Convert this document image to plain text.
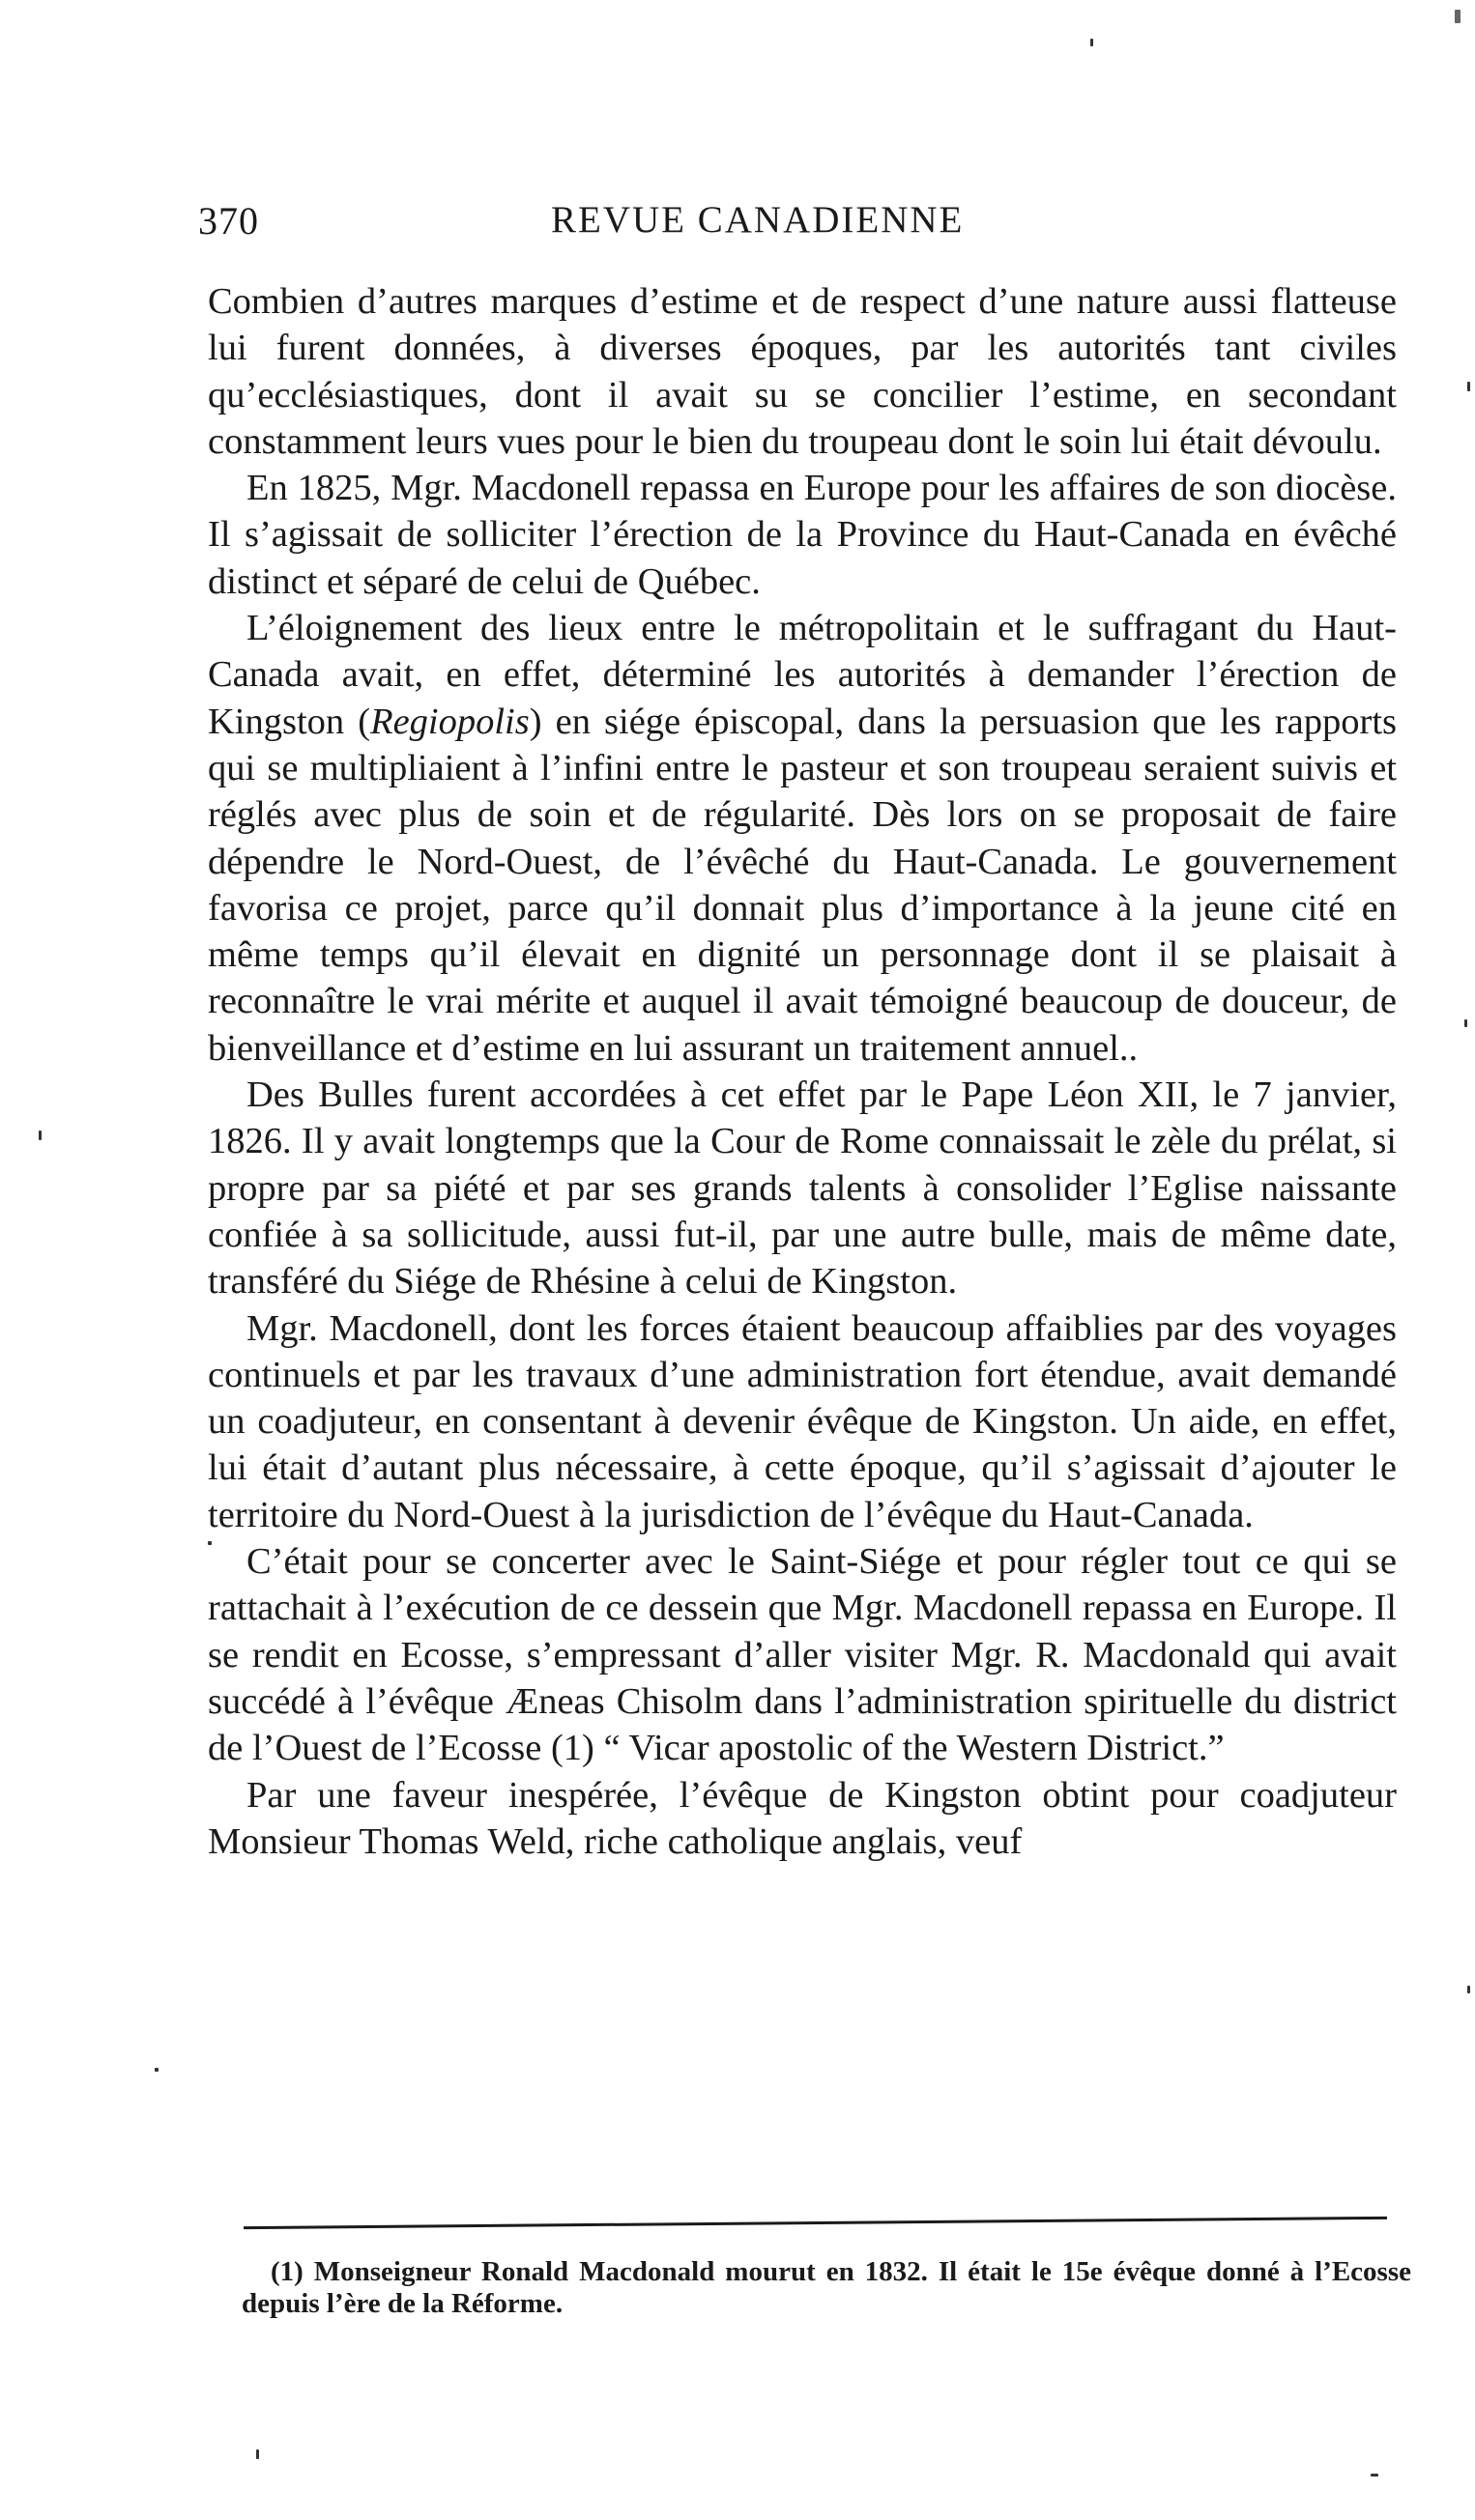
370	REVUE CANADIENNE

Combien d’autres marques d’estime et de respect d’une nature aussi flatteuse lui furent données, à diverses époques, par les autorités tant civiles qu’ecclésiastiques, dont il avait su se concilier l’estime, en secondant constamment leurs vues pour le bien du troupeau dont le soin lui était dévoulu.

En 1825, Mgr. Macdonell repassa en Europe pour les affaires de son diocèse. Il s’agissait de solliciter l’érection de la Province du Haut-Canada en évêché distinct et séparé de celui de Québec.

L’éloignement des lieux entre le métropolitain et le suffragant du Haut-Canada avait, en effet, déterminé les autorités à demander l’érection de Kingston (Regiopolis) en siége épiscopal, dans la persuasion que les rapports qui se multipliaient à l’infini entre le pasteur et son troupeau seraient suivis et réglés avec plus de soin et de régularité. Dès lors on se proposait de faire dépendre le Nord-Ouest, de l’évêché du Haut-Canada. Le gouvernement favorisa ce projet, parce qu’il donnait plus d’importance à la jeune cité en même temps qu’il élevait en dignité un personnage dont il se plaisait à reconnaître le vrai mérite et auquel il avait témoigné beaucoup de douceur, de bienveillance et d’estime en lui assurant un traitement annuel..

Des Bulles furent accordées à cet effet par le Pape Léon XII, le 7 janvier, 1826. Il y avait longtemps que la Cour de Rome connaissait le zèle du prélat, si propre par sa piété et par ses grands talents à consolider l’Eglise naissante confiée à sa sollicitude, aussi fut-il, par une autre bulle, mais de même date, transféré du Siége de Rhésine à celui de Kingston.

Mgr. Macdonell, dont les forces étaient beaucoup affaiblies par des voyages continuels et par les travaux d’une administration fort étendue, avait demandé un coadjuteur, en consentant à devenir évêque de Kingston. Un aide, en effet, lui était d’autant plus nécessaire, à cette époque, qu’il s’agissait d’ajouter le territoire du Nord-Ouest à la jurisdiction de l’évêque du Haut-Canada.

C’était pour se concerter avec le Saint-Siége et pour régler tout ce qui se rattachait à l’exécution de ce dessein que Mgr. Macdonell repassa en Europe. Il se rendit en Ecosse, s’empressant d’aller visiter Mgr. R. Macdonald qui avait succédé à l’évêque Æneas Chisolm dans l’administration spirituelle du district de l’Ouest de l’Ecosse (1) “ Vicar apostolic of the Western District.”

Par une faveur inespérée, l’évêque de Kingston obtint pour coadjuteur Monsieur Thomas Weld, riche catholique anglais, veuf

(1) Monseigneur Ronald Macdonald mourut en 1832. Il était le 15e évêque donné à l’Ecosse depuis l’ère de la Réforme.
